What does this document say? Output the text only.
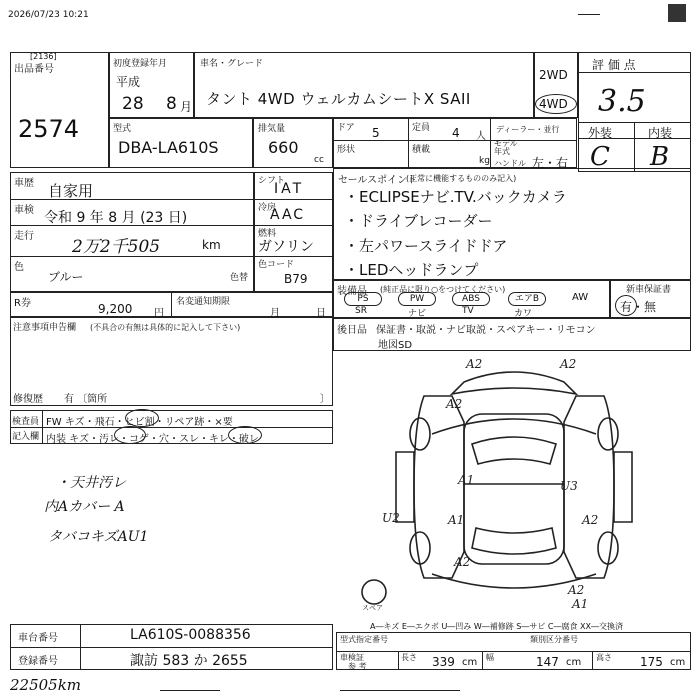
2026/07/23 10:21
出品番号
[2136]
2574
初度登録年月
平成
28 8 月
車名・グレード
タント 4WD ウェルカムシートX SAII
2WD
4WD
評 価 点
3.5
外装	内装
C B
型式
DBA-LA610S
排気量
660
cc
ドア 5	定員 4 人
ディーラー・並行
形状	積載
kg
モデル年式
ハンドル 左・右
車歴 自家用
車検 令和 9 年 8 月 (23 日)
走行
2万2千505	km
色
ブルー
シフト
IAT
冷房
AAC
燃料
ガソリン
色コード
B79
色替
R券	9,200 円
名変通知期限
月	日
注意事項申告欄 (不具合の有無は具体的に記入して下さい)
修復歴 有 〔箇所	〕
検査員
記入欄
FW キズ・飛石・ヒビ割・リペア跡・×要
内装 キズ・汚レ・コゲ・穴・スレ・キレ・破レ
・天井汚レ
内Aカバー A
タバコキズAU1
セールスポイント
(正常に機能するもののみ記入)
・ECLIPSEナビ.TV.バックカメラ
・ドライブレコーダー
・左パワースライドドア
・LEDヘッドランプ
装備品 (純正品に限り○をつけてください)
PS	PW	ABS	エアB	AW
SR	ナビ	TV	カワ
新車保証書
有・無
後日品 保証書・取説・ナビ取説・スペアキー・リモコン
地図SD
A2	A2
A2
A1	U3
U2	A1	A2
A2
A1
A2
スペア
A―キズ E―エクボ U―凹み W―補修跡 S―サビ C―腐食 XX―交換済
車台番号	LA610S-0088356
登録番号	諏訪 583 か 2655
型式指定番号	類別区分番号
車検証
参 考
長さ 339 cm 幅	147 cm 高さ 175 cm
22505km
